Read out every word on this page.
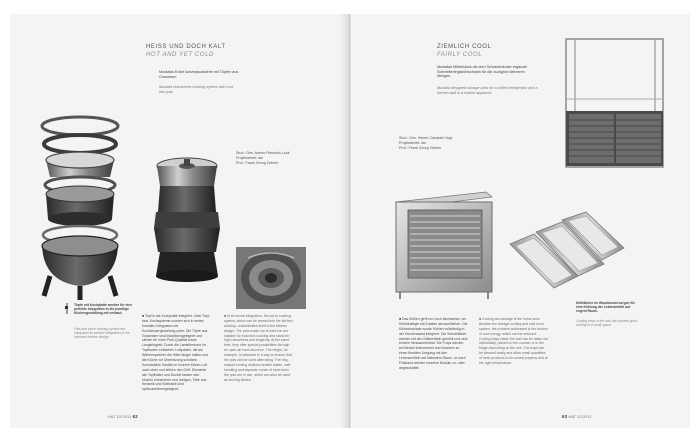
HEISS UND DOCH KALT

HOT AND YET COLD

Mustafas Enkel konzeptualisierte mit Töpfen aus Gusseisen

Mustafa researches cooking system with cool iron pots

Stud.: Des. Antero Pissentio Look

Projektarbeit: fan

Prof.: Frank Georg Zebner

Töpfe mit Kochplatte werden für eine perfekte Integration in die jeweilige Küchengestaltung mit verbaut.

Pots and stove cooking system are integrated for perfect integration in the intended kitchen design

■ Topf in die Kochplatte integriert. Zwei Topf- bzw. Kochsysteme wurden sich in seiner formalen Integration der Kochkörpergestaltung unter. Die Töpfe aus Gusseisen sind induktionsgeeignet und stehen für hohe Profi-Qualität sowie Langlebigkeit. Durch die Lamellenzone im Topfboden entstehen Luftpolster, die als Wärmespeicher die Hitze länger halten und die Küche vor Überhitzung schützen. Konstruktive Kanäle im Inneren führen Luft nach oben und kühlen den Griff. Elemente wie Topfhalter und Deckel lassen sich einzeln entnehmen und reinigen, Teile aus Keramik und Edelstahl sind spülmaschinengeeignet.

■ In its formal integration, the pot-in cooking system, which can be viewed into the kitchen worktop, subordinates itself to the kitchen design. The pots made out of cast iron are suitable for induction cooking and stand for high robustness and longevity. At the same time, they offer special possibilities through an open-air bowl structure. The height, for example, is balanced in a way to ensure that the pots can be used alternating. The ring-shaped cooling sections enable stable, safe handling and separate zones of heat when the pots are in use, which can also be used as serving dishes.

HAT 02/2011 62

ZIEMLICH COOL

FAIRLY COOL

Mustafas Möbelstück als dem Schrankroboter ergänzte Schmetterlingskühlschrank für die zuzüglich kleineren Mengen.

Mustafa designed storage units for a chilled refrigerator and a kitchen wall in a mobile appliance

Stud.: Des. Heiner Candrahi Vogt

Projektarbeit: fan

Prof.: Frank Georg Zebner

Kühlfächer im Wandmodul sorgen für eine Kühlung der Lebensmittel auf engem Raum.

Cooling trays in the wall unit provide good cooling in a small space

■ Das Kühlen geht nur noch stückweise, um Kühlstrategie mit Zutaten abzuschließen. Die Kühlschublade wurde Kühlen vollständig in der Küchenwand integriert. Die Schubfächer werden mit den Kältemitteln gekühlt und sind einzeln herausnehmbar. Die Trays werden bei Bedarf entnommen und erlauben so einen flexiblen Umgang mit den Lebensmitteln auf kleinstem Raum. Je nach Füllstand werden einzelne Module zu- oder abgeschaltet.

■ Cooling and storage is the home area. Besides the storage cooling and cold room system, the problem addressed is the burden of cool energy, which can be reduced. Cooling trays inside the wall can be taken out individually, placed on the counter or in the fridge depending on the use. The trays can be cleaned easily and allow small quantities of fresh products to be stored properly and at the right temperature.

63 HAT 02/2011
